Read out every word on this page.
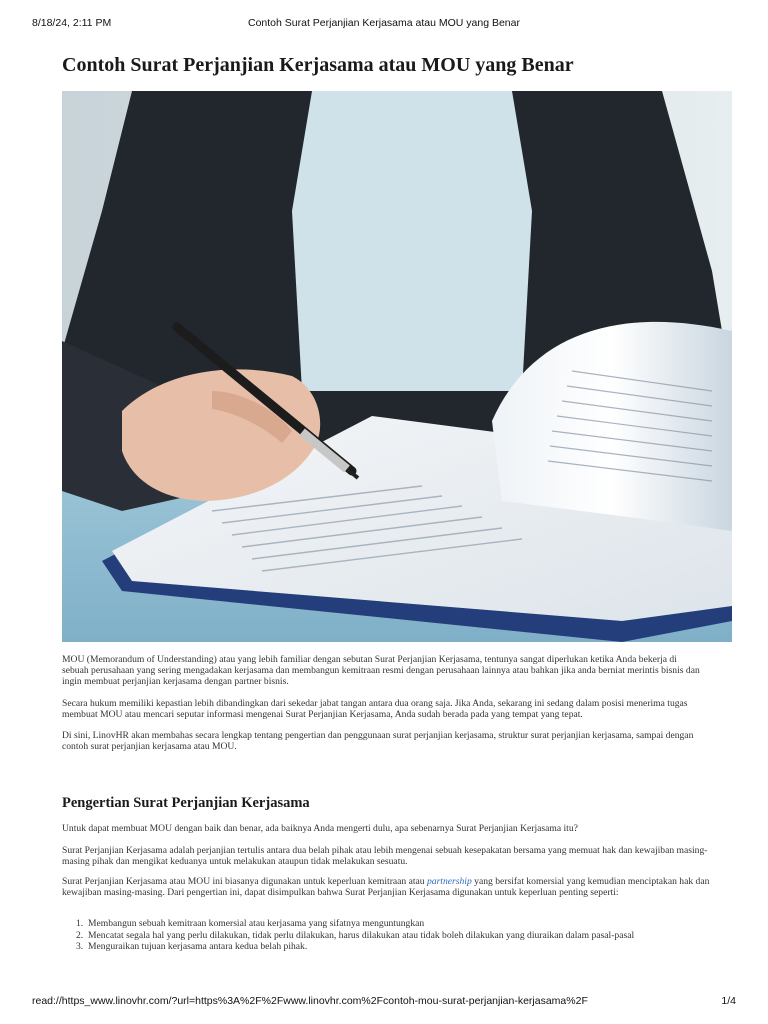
8/18/24, 2:11 PM	Contoh Surat Perjanjian Kerjasama atau MOU yang Benar
Contoh Surat Perjanjian Kerjasama atau MOU yang Benar

MOU (Memorandum of Understanding) atau yang lebih familiar dengan sebutan Surat Perjanjian Kerjasama, tentunya sangat diperlukan ketika Anda bekerja di sebuah perusahaan yang sering mengadakan kerjasama dan membangun kemitraan resmi dengan perusahaan lainnya atau bahkan jika anda berniat merintis bisnis dan ingin membuat perjanjian kerjasama dengan partner bisnis.

Secara hukum memiliki kepastian lebih dibandingkan dari sekedar jabat tangan antara dua orang saja. Jika Anda, sekarang ini sedang dalam posisi menerima tugas membuat MOU atau mencari seputar informasi mengenai Surat Perjanjian Kerjasama, Anda sudah berada pada yang tempat yang tepat.

Di sini, LinovHR akan membahas secara lengkap tentang pengertian dan penggunaan surat perjanjian kerjasama, struktur surat perjanjian kerjasama, sampai dengan contoh surat perjanjian kerjasama atau MOU.

Pengertian Surat Perjanjian Kerjasama

Untuk dapat membuat MOU dengan baik dan benar, ada baiknya Anda mengerti dulu, apa sebenarnya Surat Perjanjian Kerjasama itu?

Surat Perjanjian Kerjasama adalah perjanjian tertulis antara dua belah pihak atau lebih mengenai sebuah kesepakatan bersama yang memuat hak dan kewajiban masing-masing pihak dan mengikat keduanya untuk melakukan ataupun tidak melakukan sesuatu.

Surat Perjanjian Kerjasama atau MOU ini biasanya digunakan untuk keperluan kemitraan atau partnership yang bersifat komersial yang kemudian menciptakan hak dan kewajiban masing-masing. Dari pengertian ini, dapat disimpulkan bahwa Surat Perjanjian Kerjasama digunakan untuk keperluan penting seperti:

1. Membangun sebuah kemitraan komersial atau kerjasama yang sifatnya menguntungkan
2. Mencatat segala hal yang perlu dilakukan, tidak perlu dilakukan, harus dilakukan atau tidak boleh dilakukan yang diuraikan dalam pasal-pasal
3. Menguraikan tujuan kerjasama antara kedua belah pihak.
read://https_www.linovhr.com/?url=https%3A%2F%2Fwww.linovhr.com%2Fcontoh-mou-surat-perjanjian-kerjasama%2F	1/4
